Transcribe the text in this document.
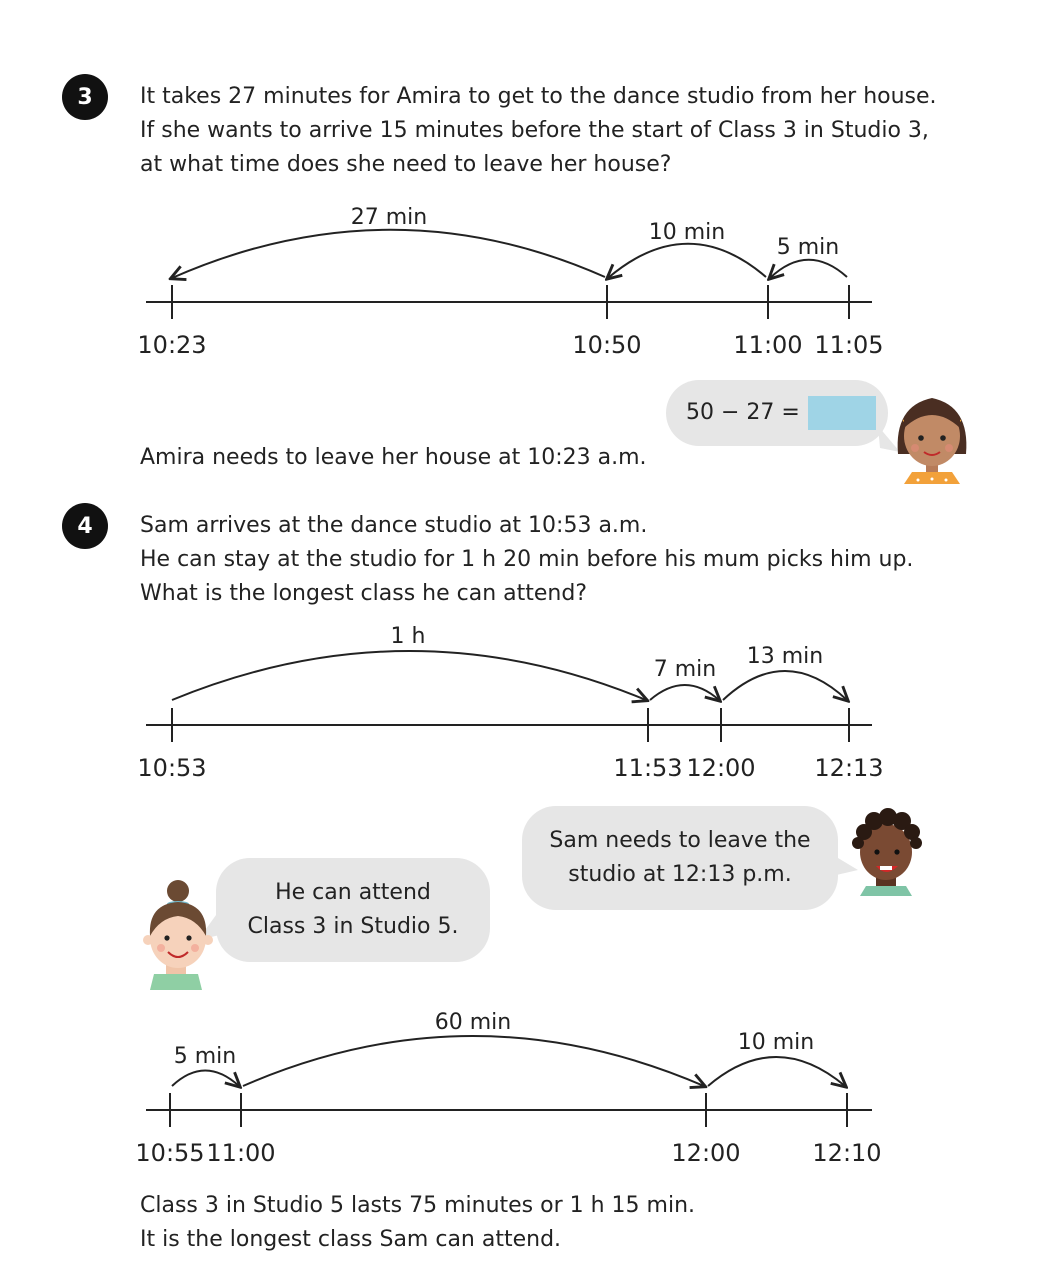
3	It takes 27 minutes for Amira to get to the dance studio from her house.
If she wants to arrive 15 minutes before the start of Class 3 in Studio 3,
at what time does she need to leave her house?
27 min
10 min
5 min
10:23	10:50	11:00 11:05
50 − 27 =
Amira needs to leave her house at 10:23 a.m.
4	Sam arrives at the dance studio at 10:53 a.m.
He can stay at the studio for 1 h 20 min before his mum picks him up.
What is the longest class he can attend?
1 h
7 min
13 min
10:53	11:53 12:00 12:13
Sam needs to leave the
studio at 12:13 p.m.
He can attend
Class 3 in Studio 5.
5 min
60 min
10 min
10:55 11:00	12:00	12:10
Class 3 in Studio 5 lasts 75 minutes or 1 h 15 min.
It is the longest class Sam can attend.
